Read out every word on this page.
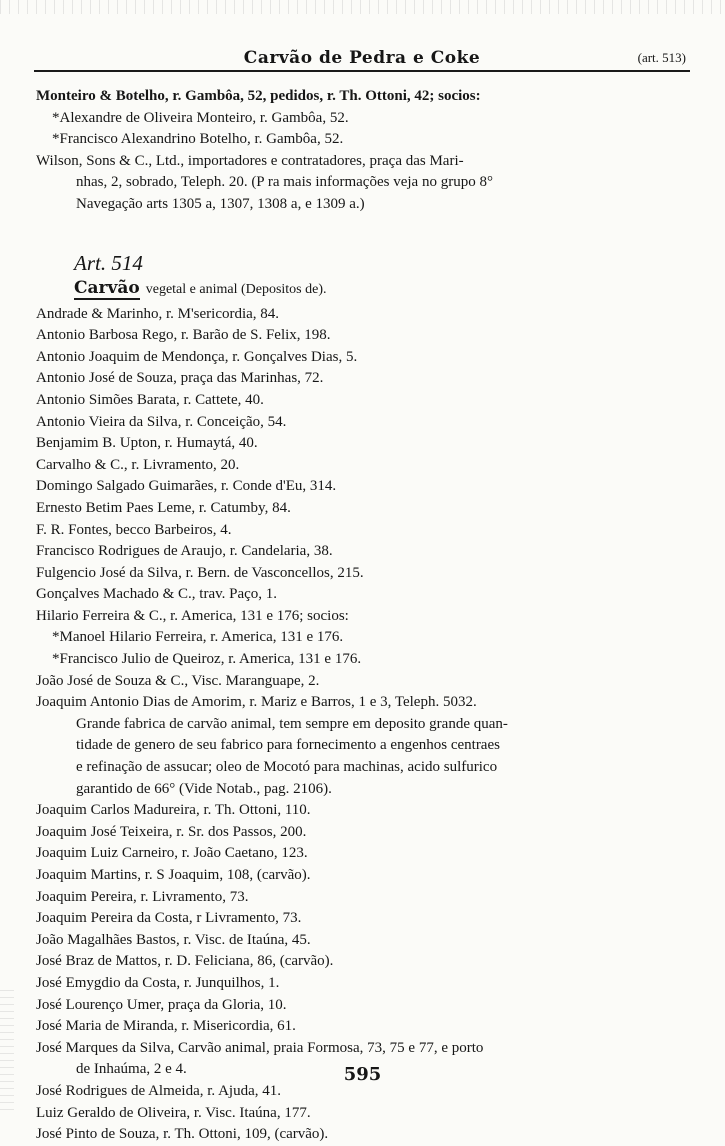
Carvão de Pedra e Coke	(art. 513)
Monteiro & Botelho, r. Gambôa, 52, pedidos, r. Th. Ottoni, 42; socios:
*Alexandre de Oliveira Monteiro, r. Gambôa, 52.
*Francisco Alexandrino Botelho, r. Gambôa, 52.
Wilson, Sons & C., Ltd., importadores e contratadores, praça das Mari-
nhas, 2, sobrado, Teleph. 20. (P ra mais informações veja no grupo 8°
Navegação arts 1305 a, 1307, 1308 a, e 1309 a.)
Art. 514
Carvão vegetal e animal (Depositos de).
Andrade & Marinho, r. M'sericordia, 84.
Antonio Barbosa Rego, r. Barão de S. Felix, 198.
Antonio Joaquim de Mendonça, r. Gonçalves Dias, 5.
Antonio José de Souza, praça das Marinhas, 72.
Antonio Simões Barata, r. Cattete, 40.
Antonio Vieira da Silva, r. Conceição, 54.
Benjamim B. Upton, r. Humaytá, 40.
Carvalho & C., r. Livramento, 20.
Domingo Salgado Guimarães, r. Conde d'Eu, 314.
Ernesto Betim Paes Leme, r. Catumby, 84.
F. R. Fontes, becco Barbeiros, 4.
Francisco Rodrigues de Araujo, r. Candelaria, 38.
Fulgencio José da Silva, r. Bern. de Vasconcellos, 215.
Gonçalves Machado & C., trav. Paço, 1.
Hilario Ferreira & C., r. America, 131 e 176; socios:
*Manoel Hilario Ferreira, r. America, 131 e 176.
*Francisco Julio de Queiroz, r. America, 131 e 176.
João José de Souza & C., Visc. Maranguape, 2.
Joaquim Antonio Dias de Amorim, r. Mariz e Barros, 1 e 3, Teleph. 5032.
Grande fabrica de carvão animal, tem sempre em deposito grande quan-
tidade de genero de seu fabrico para fornecimento a engenhos centraes
e refinação de assucar; oleo de Mocotó para machinas, acido sulfurico
garantido de 66° (Vide Notab., pag. 2106).
Joaquim Carlos Madureira, r. Th. Ottoni, 110.
Joaquim José Teixeira, r. Sr. dos Passos, 200.
Joaquim Luiz Carneiro, r. João Caetano, 123.
Joaquim Martins, r. S Joaquim, 108, (carvão).
Joaquim Pereira, r. Livramento, 73.
Joaquim Pereira da Costa, r Livramento, 73.
João Magalhães Bastos, r. Visc. de Itaúna, 45.
José Braz de Mattos, r. D. Feliciana, 86, (carvão).
José Emygdio da Costa, r. Junquilhos, 1.
José Lourenço Umer, praça da Gloria, 10.
José Maria de Miranda, r. Misericordia, 61.
José Marques da Silva, Carvão animal, praia Formosa, 73, 75 e 77, e porto
de Inhaúma, 2 e 4.
José Rodrigues de Almeida, r. Ajuda, 41.
Luiz Geraldo de Oliveira, r. Visc. Itaúna, 177.
José Pinto de Souza, r. Th. Ottoni, 109, (carvão).
595
